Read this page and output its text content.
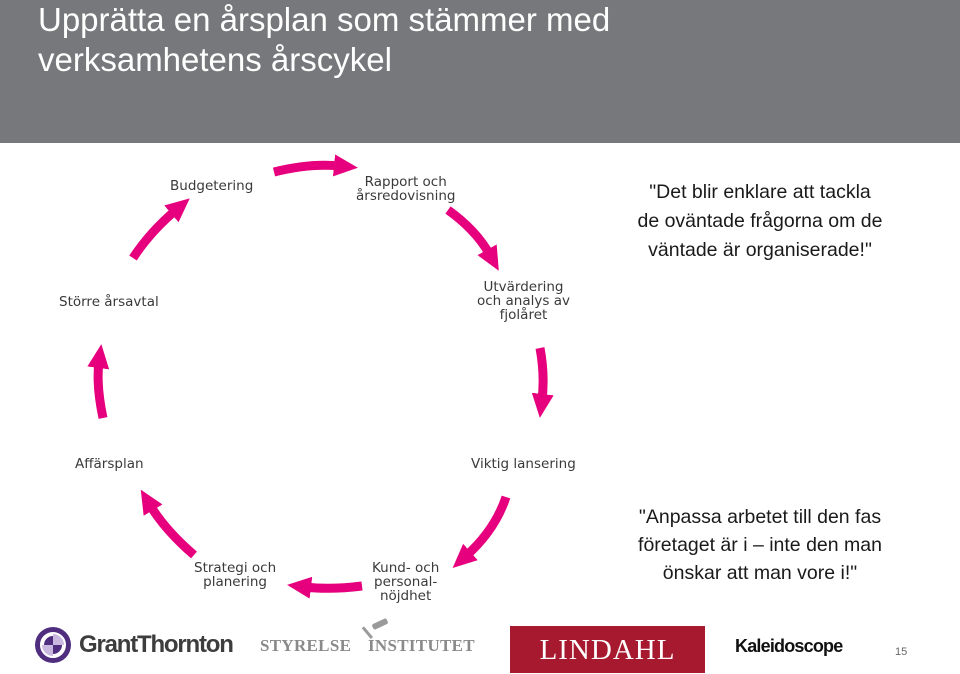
Upprätta en årsplan som stämmer med
verksamhetens årscykel
Budgetering	Rapport och
årsredovisning
Utvärdering
och analys av
fjolåret
Viktig lansering
Kund- och
personal-
nöjdhet
Strategi och
planering
Affärsplan
Större årsavtal
"Det blir enklare att tackla
de oväntade frågorna om de
väntade är organiserade!"
"Anpassa arbetet till den fas
företaget är i – inte den man
önskar att man vore i!"
GrantThornton STYRELSE INSTITUTET	LINDAHL	Kaleidoscope	15
